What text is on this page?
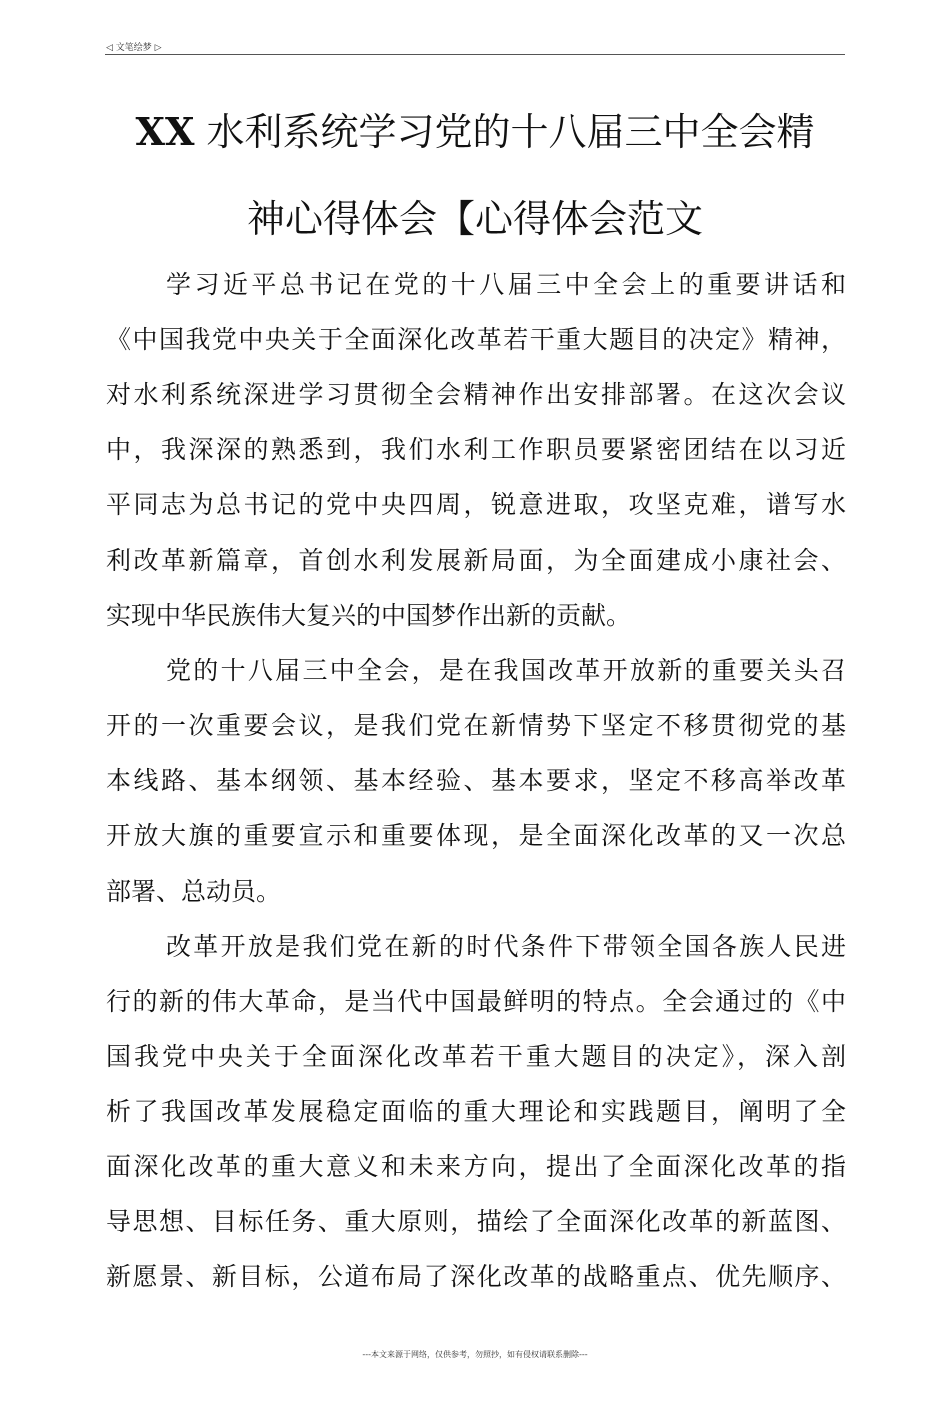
◁ 文笔绘梦 ▷
XX 水利系统学习党的十八届三中全会精
神心得体会【心得体会范文
学习近平总书记在党的十八届三中全会上的重要讲话和
《中国我党中央关于全面深化改革若干重大题目的决定》精神，
对水利系统深进学习贯彻全会精神作出安排部署。在这次会议
中，我深深的熟悉到，我们水利工作职员要紧密团结在以习近
平同志为总书记的党中央四周，锐意进取，攻坚克难，谱写水
利改革新篇章，首创水利发展新局面，为全面建成小康社会、
实现中华民族伟大复兴的中国梦作出新的贡献。
党的十八届三中全会，是在我国改革开放新的重要关头召
开的一次重要会议，是我们党在新情势下坚定不移贯彻党的基
本线路、基本纲领、基本经验、基本要求，坚定不移高举改革
开放大旗的重要宣示和重要体现，是全面深化改革的又一次总
部署、总动员。
改革开放是我们党在新的时代条件下带领全国各族人民进
行的新的伟大革命，是当代中国最鲜明的特点。全会通过的《中
国我党中央关于全面深化改革若干重大题目的决定》，深入剖
析了我国改革发展稳定面临的重大理论和实践题目，阐明了全
面深化改革的重大意义和未来方向，提出了全面深化改革的指
导思想、目标任务、重大原则，描绘了全面深化改革的新蓝图、
新愿景、新目标，公道布局了深化改革的战略重点、优先顺序、
---本文来源于网络，仅供参考，勿照抄，如有侵权请联系删除---
